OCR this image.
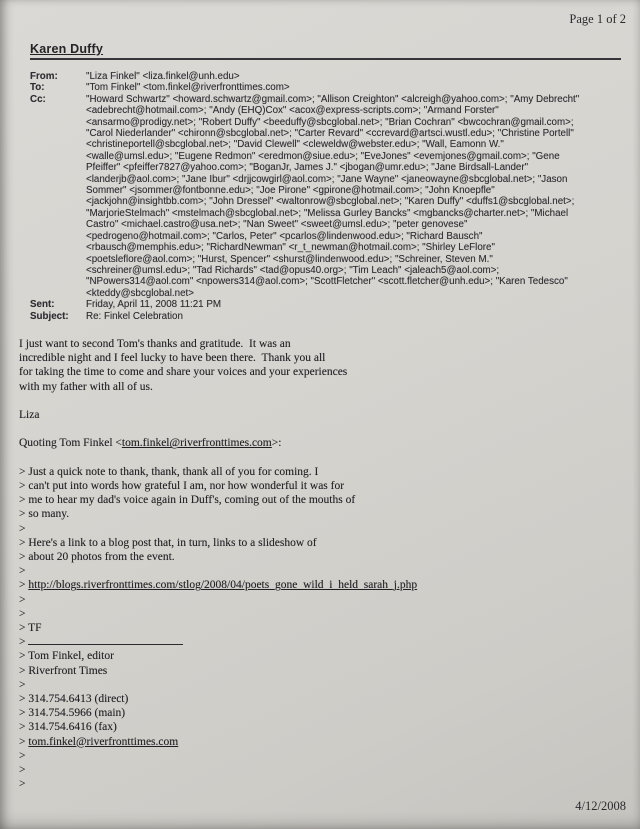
Page 1 of 2
Karen Duffy
From:	"Liza Finkel" <liza.finkel@unh.edu>
To:	"Tom Finkel" <tom.finkel@riverfronttimes.com>
Cc:	"Howard Schwartz" <howard.schwartz@gmail.com>; "Allison Creighton" <alcreigh@yahoo.com>; "Amy Debrecht"
<adebrecht@hotmail.com>; "Andy (EHQ)Cox" <acox@express-scripts.com>; "Armand Forster"
<ansarmo@prodigy.net>; "Robert Duffy" <beeduffy@sbcglobal.net>; "Brian Cochran" <bwcochran@gmail.com>;
"Carol Niederlander" <chironn@sbcglobal.net>; "Carter Revard" <ccrevard@artsci.wustl.edu>; "Christine Portell"
<christineportell@sbcglobal.net>; "David Clewell" <cleweldw@webster.edu>; "Wall, Eamonn W."
<walle@umsl.edu>; "Eugene Redmon" <eredmon@siue.edu>; "EveJones" <evemjones@gmail.com>; "Gene
Pfeiffer" <pfeiffer7827@yahoo.com>; "BoganJr, James J." <jbogan@umr.edu>; "Jane Birdsall-Lander"
<landerjb@aol.com>; "Jane Ibur" <drjjcowgirl@aol.com>; "Jane Wayne" <janeowayne@sbcglobal.net>; "Jason
Sommer" <jsommer@fontbonne.edu>; "Joe Pirone" <gpirone@hotmail.com>; "John Knoepfle"
<jackjohn@insightbb.com>; "John Dressel" <waltonrow@sbcglobal.net>; "Karen Duffy" <duffs1@sbcglobal.net>;
"MarjorieStelmach" <mstelmach@sbcglobal.net>; "Melissa Gurley Bancks" <mgbancks@charter.net>; "Michael
Castro" <michael.castro@usa.net>; "Nan Sweet" <sweet@umsl.edu>; "peter genovese"
<pedrogeno@hotmail.com>; "Carlos, Peter" <pcarlos@lindenwood.edu>; "Richard Bausch"
<rbausch@memphis.edu>; "RichardNewman" <r_t_newman@hotmail.com>; "Shirley LeFlore"
<poetsleflore@aol.com>; "Hurst, Spencer" <shurst@lindenwood.edu>; "Schreiner, Steven M."
<schreiner@umsl.edu>; "Tad Richards" <tad@opus40.org>; "Tim Leach" <jaleach5@aol.com>;
"NPowers314@aol.com" <npowers314@aol.com>; "ScottFletcher" <scott.fletcher@unh.edu>; "Karen Tedesco"
<kteddy@sbcglobal.net>
Sent:	Friday, April 11, 2008 11:21 PM
Subject:	Re: Finkel Celebration
I just want to second Tom's thanks and gratitude.  It was an
incredible night and I feel lucky to have been there.  Thank you all
for taking the time to come and share your voices and your experiences
with my father with all of us.
Liza
Quoting Tom Finkel <tom.finkel@riverfronttimes.com>:
> Just a quick note to thank, thank, thank all of you for coming. I
> can't put into words how grateful I am, nor how wonderful it was for
> me to hear my dad's voice again in Duff's, coming out of the mouths of
> so many.
>
> Here's a link to a blog post that, in turn, links to a slideshow of
> about 20 photos from the event.
>
> http://blogs.riverfronttimes.com/stlog/2008/04/poets_gone_wild_i_held_sarah_j.php
>
>
> TF
>
> Tom Finkel, editor
> Riverfront Times
>
> 314.754.6413 (direct)
> 314.754.5966 (main)
> 314.754.6416 (fax)
> tom.finkel@riverfronttimes.com
>
>
>
4/12/2008
